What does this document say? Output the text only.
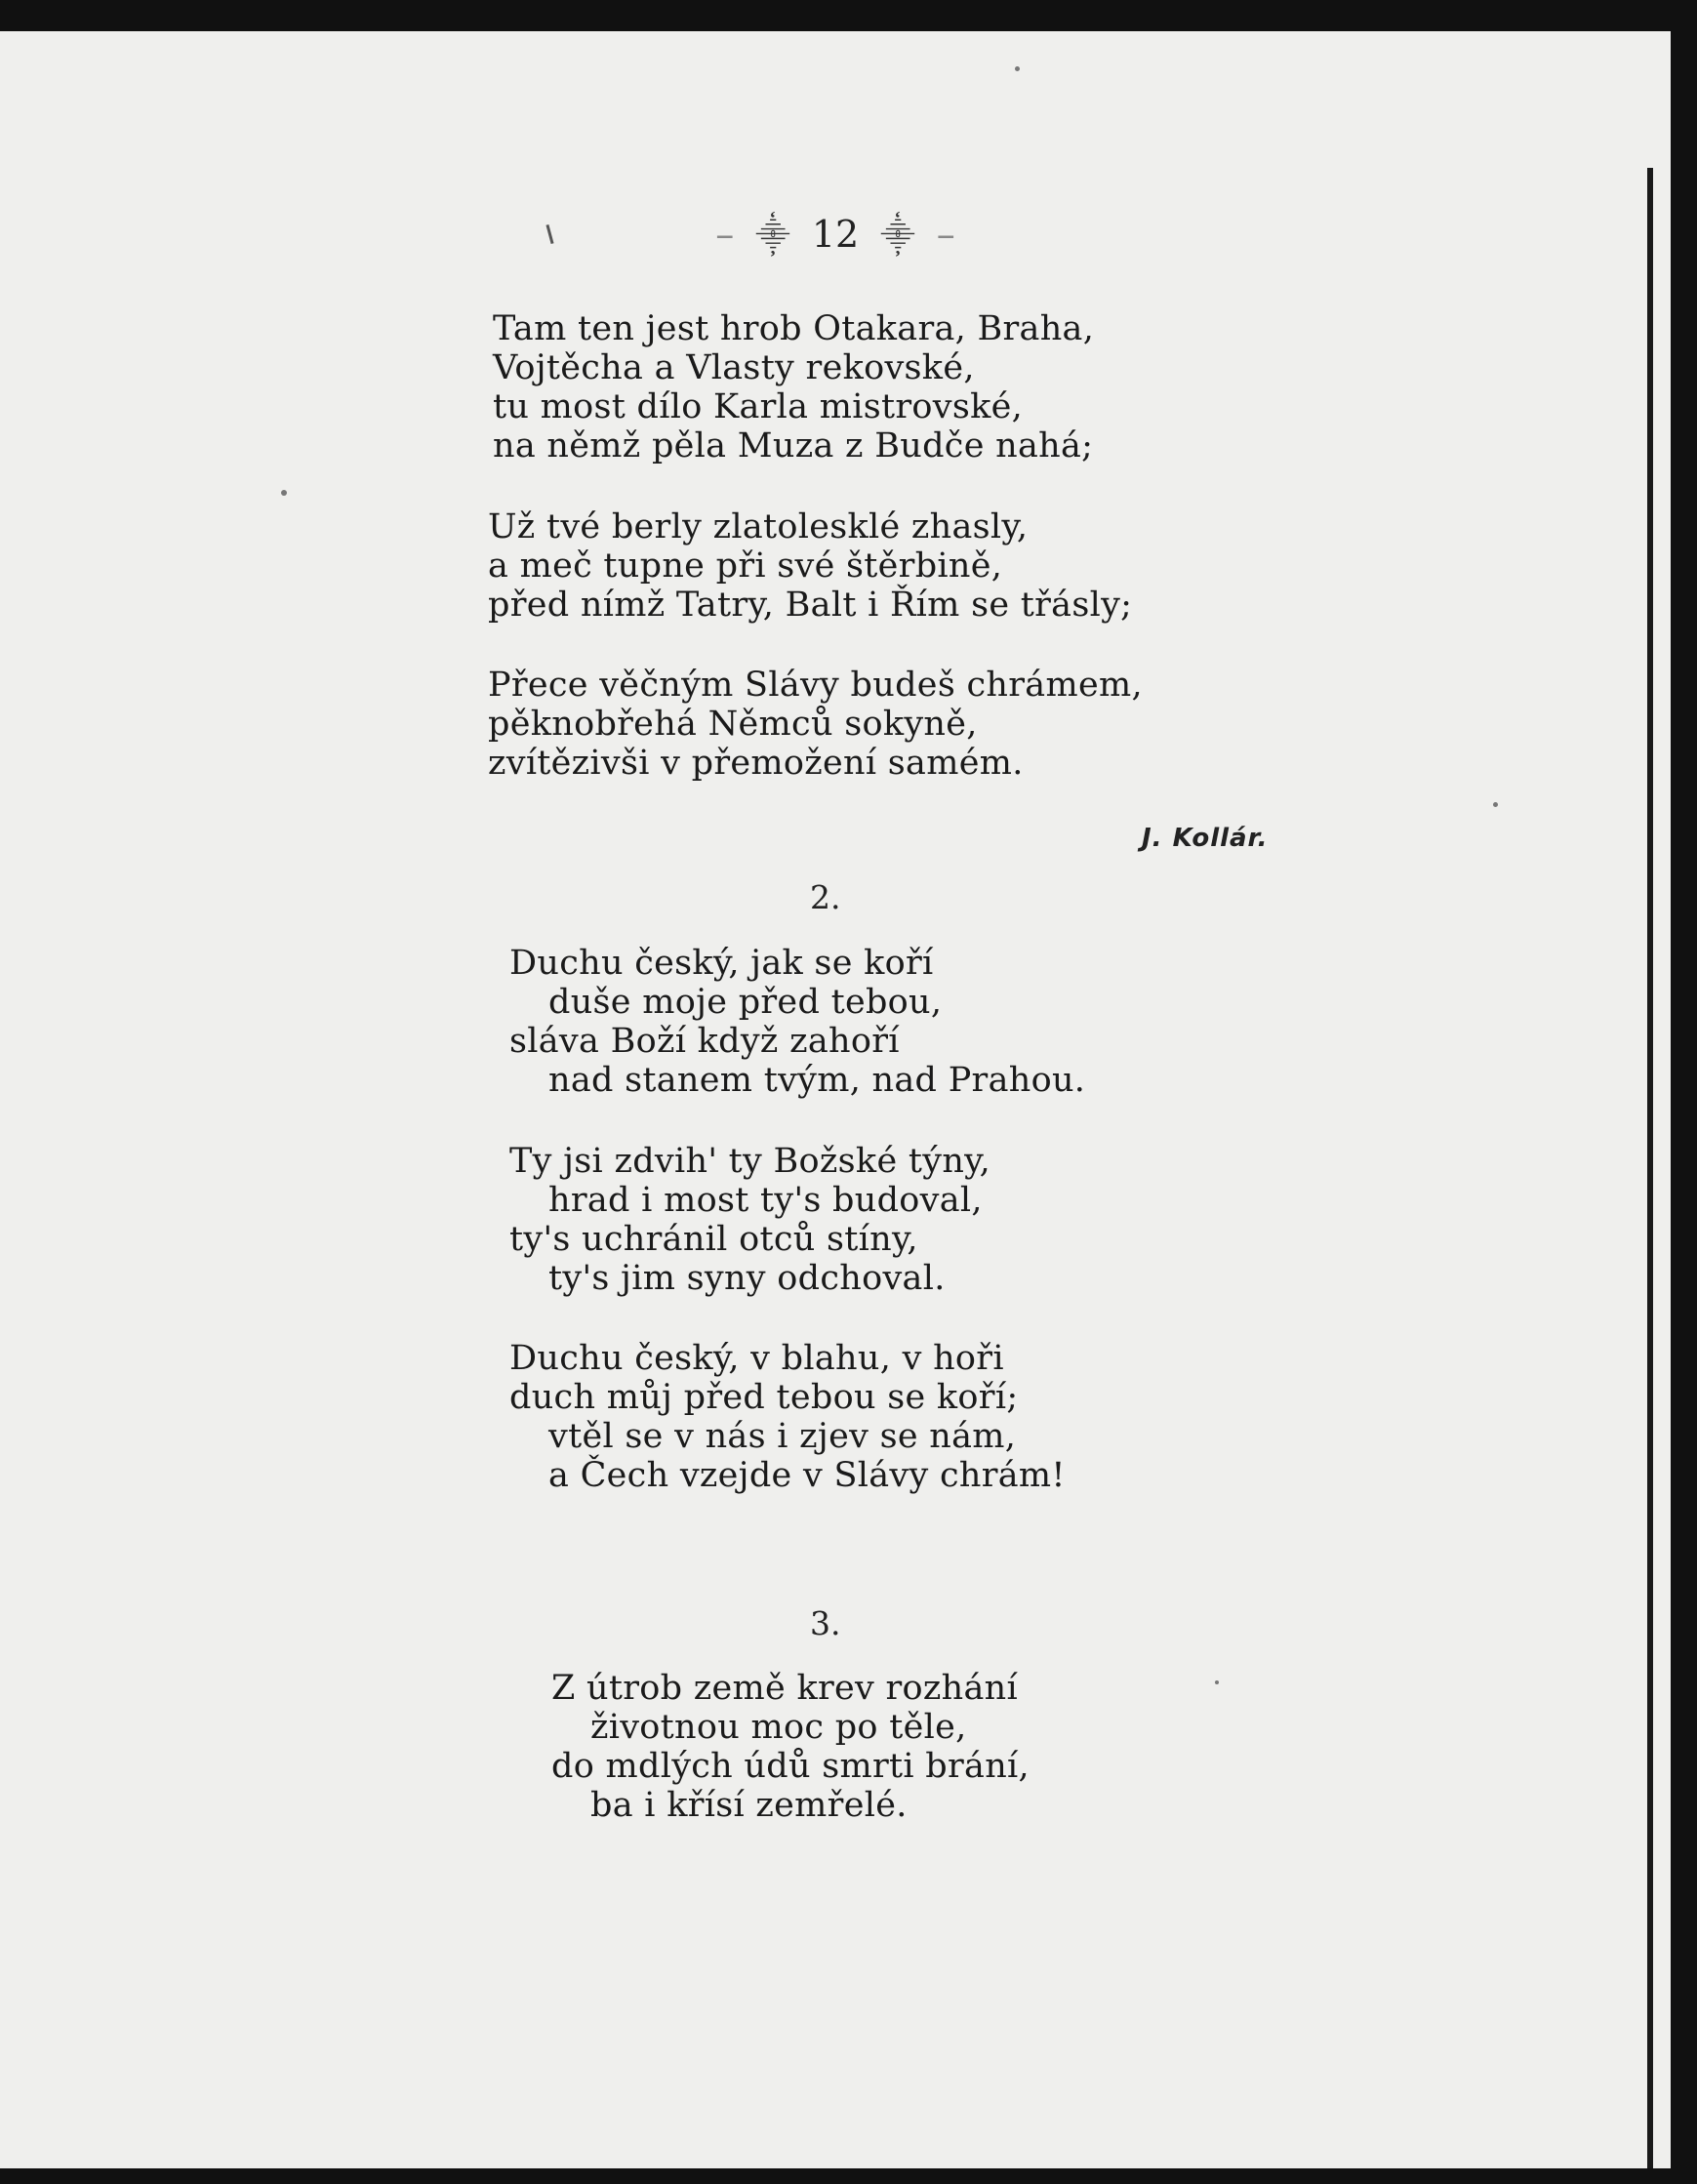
– ⸎ 12 ⸎ –
Tam ten jest hrob Otakara, Braha,
Vojtěcha a Vlasty rekovské,
tu most dílo Karla mistrovské,
na němž pěla Muza z Budče nahá;
Už tvé berly zlatolesklé zhasly,
a meč tupne při své štěrbině,
před nímž Tatry, Balt i Řím se třásly;
Přece věčným Slávy budeš chrámem,
pěknobřehá Němců sokyně,
zvítězivši v přemožení samém.
J. Kollár.
2.
Duchu český, jak se koří
duše moje před tebou,
sláva Boží když zahoří
nad stanem tvým, nad Prahou.
Ty jsi zdvih' ty Božské týny,
hrad i most ty's budoval,
ty's uchránil otců stíny,
ty's jim syny odchoval.
Duchu český, v blahu, v hoři
duch můj před tebou se koří;
vtěl se v nás i zjev se nám,
a Čech vzejde v Slávy chrám!
3.
Z útrob země krev rozhání
životnou moc po těle,
do mdlých údů smrti brání,
ba i křísí zemřelé.
